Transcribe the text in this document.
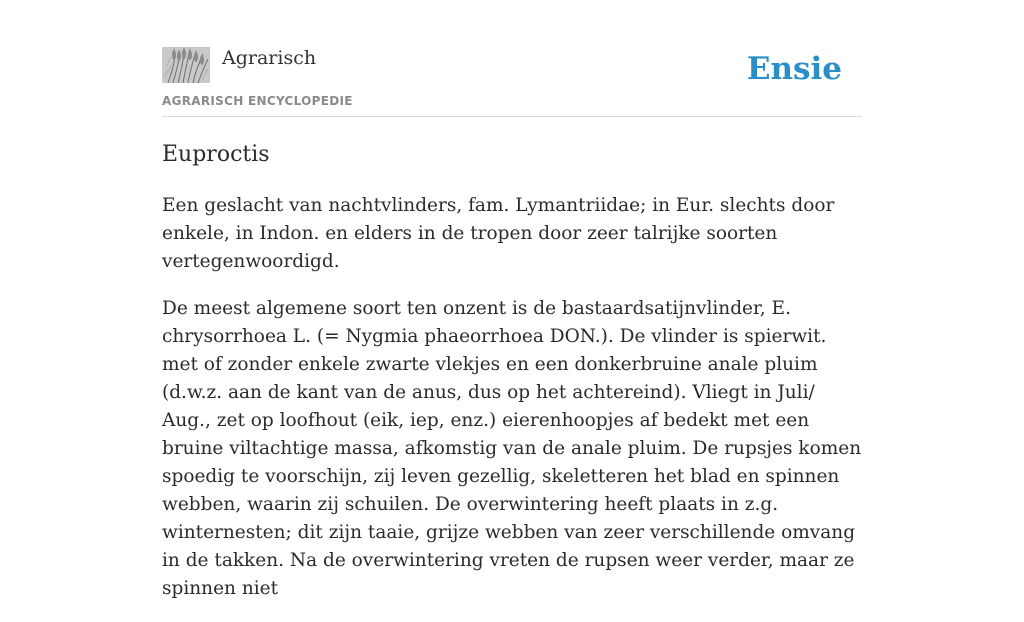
Agrarisch
AGRARISCH ENCYCLOPEDIE
Ensie
Euproctis

Een geslacht van nachtvlinders, fam. Lymantriidae; in Eur. slechts door enkele, in Indon. en elders in de tropen door zeer talrijke soorten vertegenwoordigd.

De meest algemene soort ten onzent is de bastaardsatijnvlinder, E. chrysorrhoea L. (= Nygmia phaeorrhoea DON.). De vlinder is spierwit. met of zonder enkele zwarte vlekjes en een donkerbruine anale pluim (d.w.z. aan de kant van de anus, dus op het achtereind). Vliegt in Juli/ Aug., zet op loofhout (eik, iep, enz.) eierenhoopjes af bedekt met een bruine viltachtige massa, afkomstig van de anale pluim. De rupsjes komen spoedig te voorschijn, zij leven gezellig, skeletteren het blad en spinnen webben, waarin zij schuilen. De overwintering heeft plaats in z.g. winternesten; dit zijn taaie, grijze webben van zeer verschillende omvang in de takken. Na de overwintering vreten de rupsen weer verder, maar ze spinnen niet
